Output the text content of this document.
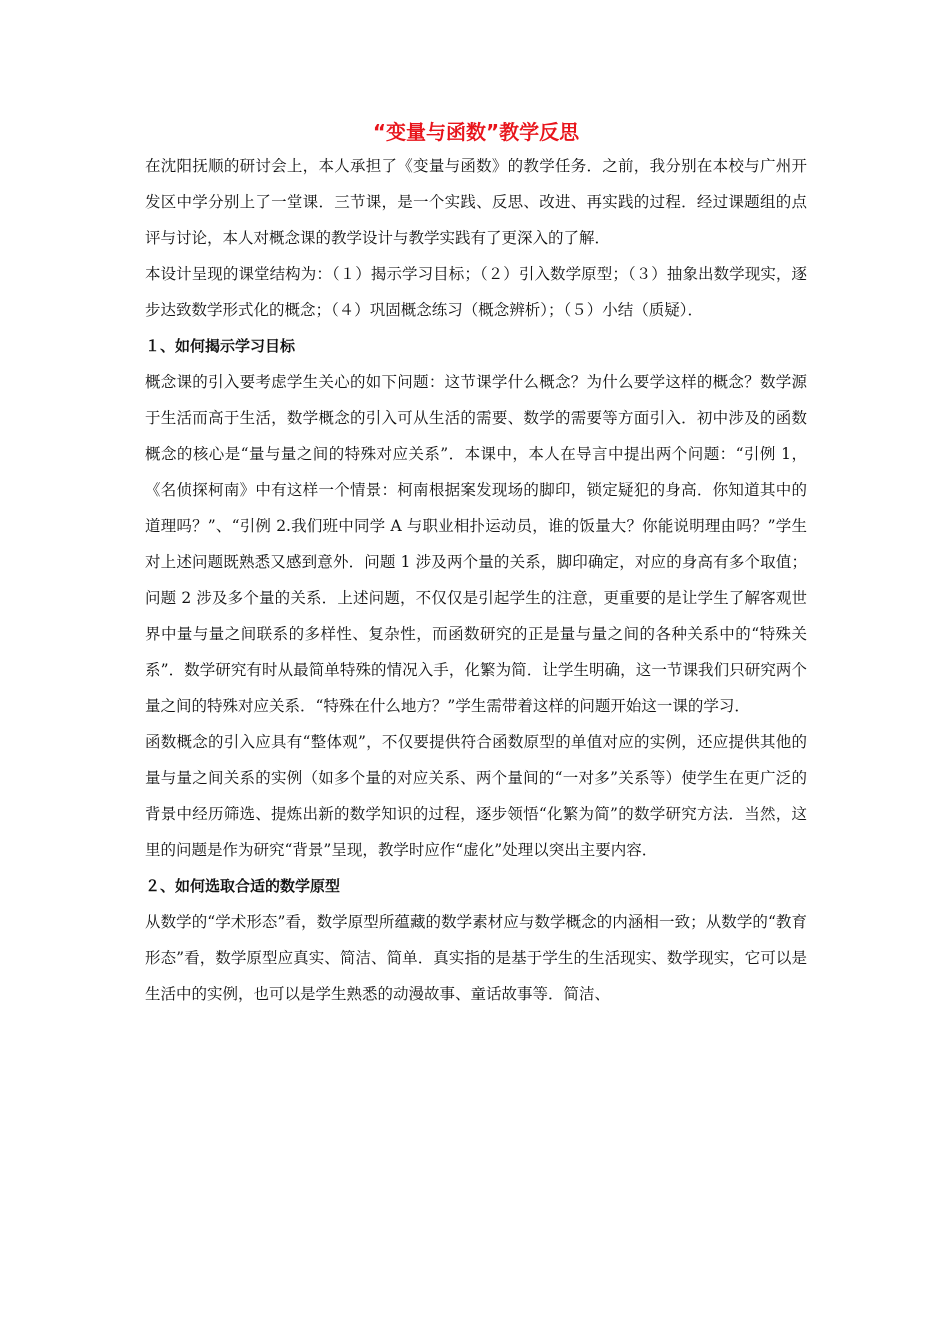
“变量与函数”教学反思

在沈阳抚顺的研讨会上，本人承担了《变量与函数》的教学任务．之前，我分别在本校与广州开发区中学分别上了一堂课．三节课，是一个实践、反思、改进、再实践的过程．经过课题组的点评与讨论，本人对概念课的教学设计与教学实践有了更深入的了解．

本设计呈现的课堂结构为：（１）揭示学习目标；（２）引入数学原型；（３）抽象出数学现实，逐步达致数学形式化的概念；（４）巩固概念练习（概念辨析）；（５）小结（质疑）．

１、如何揭示学习目标

概念课的引入要考虑学生关心的如下问题：这节课学什么概念？为什么要学这样的概念？数学源于生活而高于生活，数学概念的引入可从生活的需要、数学的需要等方面引入．初中涉及的函数概念的核心是“量与量之间的特殊对应关系”．本课中，本人在导言中提出两个问题：“引例 1，《名侦探柯南》中有这样一个情景：柯南根据案发现场的脚印，锁定疑犯的身高．你知道其中的道理吗？”、“引例 2.我们班中同学 A 与职业相扑运动员，谁的饭量大？你能说明理由吗？”学生对上述问题既熟悉又感到意外．问题 1 涉及两个量的关系，脚印确定，对应的身高有多个取值；问题 2 涉及多个量的关系．上述问题，不仅仅是引起学生的注意，更重要的是让学生了解客观世界中量与量之间联系的多样性、复杂性，而函数研究的正是量与量之间的各种关系中的“特殊关系”．数学研究有时从最简单特殊的情况入手，化繁为简．让学生明确，这一节课我们只研究两个量之间的特殊对应关系．“特殊在什么地方？”学生需带着这样的问题开始这一课的学习．

函数概念的引入应具有“整体观”，不仅要提供符合函数原型的单值对应的实例，还应提供其他的量与量之间关系的实例（如多个量的对应关系、两个量间的“一对多”关系等）使学生在更广泛的背景中经历筛选、提炼出新的数学知识的过程，逐步领悟“化繁为简”的数学研究方法．当然，这里的问题是作为研究“背景”呈现，教学时应作“虚化”处理以突出主要内容．

２、如何选取合适的数学原型

从数学的“学术形态”看，数学原型所蕴藏的数学素材应与数学概念的内涵相一致；从数学的“教育形态”看，数学原型应真实、简洁、简单．真实指的是基于学生的生活现实、数学现实，它可以是生活中的实例，也可以是学生熟悉的动漫故事、童话故事等．简洁、
